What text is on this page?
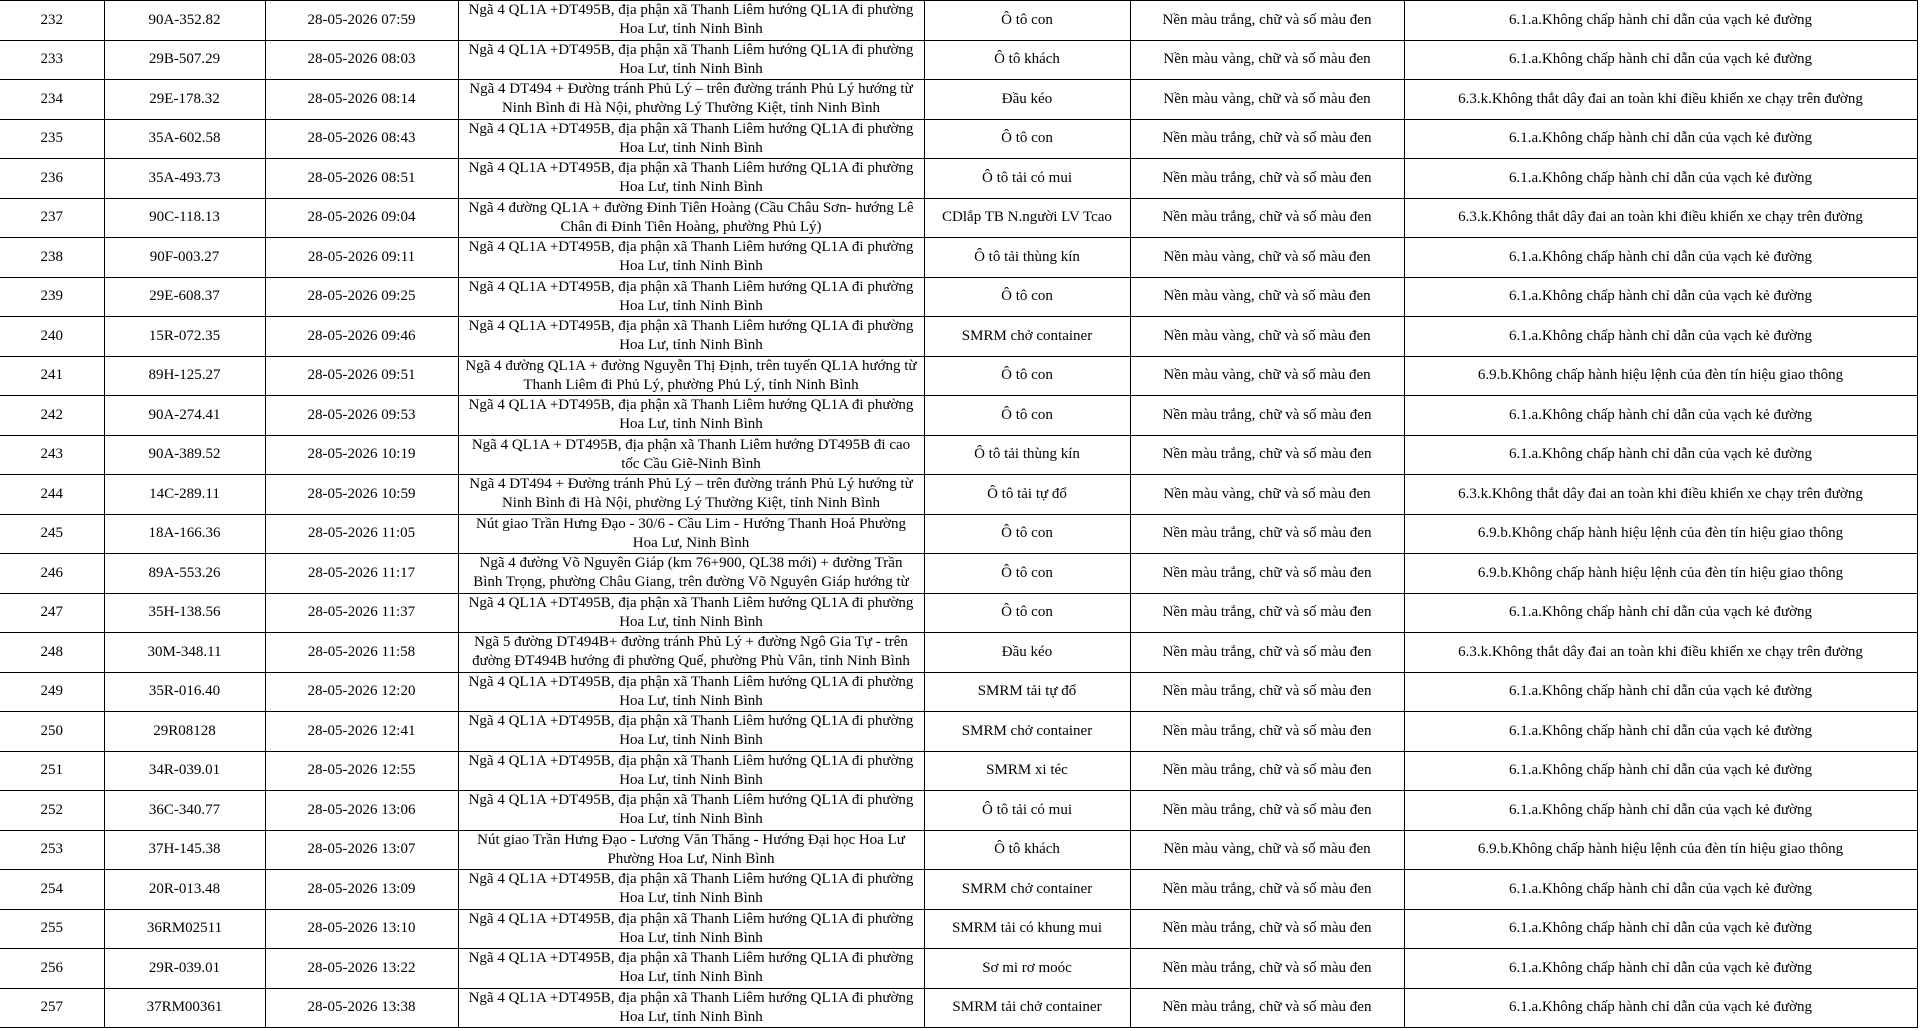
232	90A-352.82	28-05-2026 07:59	Ngã 4 QL1A +DT495B, địa phận xã Thanh Liêm hướng QL1A đi phường Hoa Lư, tỉnh Ninh Bình	Ô tô con	Nền màu trắng, chữ và số màu đen	6.1.a.Không chấp hành chỉ dẫn của vạch kẻ đường
233	29B-507.29	28-05-2026 08:03	Ngã 4 QL1A +DT495B, địa phận xã Thanh Liêm hướng QL1A đi phường Hoa Lư, tỉnh Ninh Bình	Ô tô khách	Nền màu vàng, chữ và số màu đen	6.1.a.Không chấp hành chỉ dẫn của vạch kẻ đường
234	29E-178.32	28-05-2026 08:14	Ngã 4 DT494 + Đường tránh Phủ Lý – trên đường tránh Phủ Lý hướng từ Ninh Bình đi Hà Nội, phường Lý Thường Kiệt, tỉnh Ninh Bình	Đầu kéo	Nền màu vàng, chữ và số màu đen	6.3.k.Không thắt dây đai an toàn khi điều khiển xe chạy trên đường
235	35A-602.58	28-05-2026 08:43	Ngã 4 QL1A +DT495B, địa phận xã Thanh Liêm hướng QL1A đi phường Hoa Lư, tỉnh Ninh Bình	Ô tô con	Nền màu trắng, chữ và số màu đen	6.1.a.Không chấp hành chỉ dẫn của vạch kẻ đường
236	35A-493.73	28-05-2026 08:51	Ngã 4 QL1A +DT495B, địa phận xã Thanh Liêm hướng QL1A đi phường Hoa Lư, tỉnh Ninh Bình	Ô tô tải có mui	Nền màu trắng, chữ và số màu đen	6.1.a.Không chấp hành chỉ dẫn của vạch kẻ đường
237	90C-118.13	28-05-2026 09:04	Ngã 4 đường QL1A + đường Đinh Tiên Hoàng (Cầu Châu Sơn- hướng Lê Chân đi Đinh Tiên Hoàng, phường Phủ Lý)	CDlắp TB N.người LV Tcao	Nền màu trắng, chữ và số màu đen	6.3.k.Không thắt dây đai an toàn khi điều khiển xe chạy trên đường
238	90F-003.27	28-05-2026 09:11	Ngã 4 QL1A +DT495B, địa phận xã Thanh Liêm hướng QL1A đi phường Hoa Lư, tỉnh Ninh Bình	Ô tô tải thùng kín	Nền màu vàng, chữ và số màu đen	6.1.a.Không chấp hành chỉ dẫn của vạch kẻ đường
239	29E-608.37	28-05-2026 09:25	Ngã 4 QL1A +DT495B, địa phận xã Thanh Liêm hướng QL1A đi phường Hoa Lư, tỉnh Ninh Bình	Ô tô con	Nền màu vàng, chữ và số màu đen	6.1.a.Không chấp hành chỉ dẫn của vạch kẻ đường
240	15R-072.35	28-05-2026 09:46	Ngã 4 QL1A +DT495B, địa phận xã Thanh Liêm hướng QL1A đi phường Hoa Lư, tỉnh Ninh Bình	SMRM chở container	Nền màu vàng, chữ và số màu đen	6.1.a.Không chấp hành chỉ dẫn của vạch kẻ đường
241	89H-125.27	28-05-2026 09:51	Ngã 4 đường QL1A + đường Nguyễn Thị Định, trên tuyến QL1A hướng từ Thanh Liêm đi Phủ Lý, phường Phủ Lý, tỉnh Ninh Bình	Ô tô con	Nền màu vàng, chữ và số màu đen	6.9.b.Không chấp hành hiệu lệnh của đèn tín hiệu giao thông
242	90A-274.41	28-05-2026 09:53	Ngã 4 QL1A +DT495B, địa phận xã Thanh Liêm hướng QL1A đi phường Hoa Lư, tỉnh Ninh Bình	Ô tô con	Nền màu trắng, chữ và số màu đen	6.1.a.Không chấp hành chỉ dẫn của vạch kẻ đường
243	90A-389.52	28-05-2026 10:19	Ngã 4 QL1A + DT495B, địa phận xã Thanh Liêm hướng DT495B đi cao tốc Cầu Giẽ-Ninh Bình	Ô tô tải thùng kín	Nền màu trắng, chữ và số màu đen	6.1.a.Không chấp hành chỉ dẫn của vạch kẻ đường
244	14C-289.11	28-05-2026 10:59	Ngã 4 DT494 + Đường tránh Phủ Lý – trên đường tránh Phủ Lý hướng từ Ninh Bình đi Hà Nội, phường Lý Thường Kiệt, tỉnh Ninh Bình	Ô tô tải tự đổ	Nền màu vàng, chữ và số màu đen	6.3.k.Không thắt dây đai an toàn khi điều khiển xe chạy trên đường
245	18A-166.36	28-05-2026 11:05	Nút giao Trần Hưng Đạo - 30/6 - Cầu Lim - Hướng Thanh Hoá Phường Hoa Lư, Ninh Bình	Ô tô con	Nền màu trắng, chữ và số màu đen	6.9.b.Không chấp hành hiệu lệnh của đèn tín hiệu giao thông
246	89A-553.26	28-05-2026 11:17	Ngã 4 đường Võ Nguyên Giáp (km 76+900, QL38 mới) + đường Trần Bình Trọng, phường Châu Giang, trên đường Võ Nguyên Giáp hướng từ	Ô tô con	Nền màu trắng, chữ và số màu đen	6.9.b.Không chấp hành hiệu lệnh của đèn tín hiệu giao thông
247	35H-138.56	28-05-2026 11:37	Ngã 4 QL1A +DT495B, địa phận xã Thanh Liêm hướng QL1A đi phường Hoa Lư, tỉnh Ninh Bình	Ô tô con	Nền màu trắng, chữ và số màu đen	6.1.a.Không chấp hành chỉ dẫn của vạch kẻ đường
248	30M-348.11	28-05-2026 11:58	Ngã 5 đường DT494B+ đường tránh Phủ Lý + đường Ngô Gia Tự - trên đường ĐT494B hướng đi phường Quế, phường Phù Vân, tỉnh Ninh Bình	Đầu kéo	Nền màu trắng, chữ và số màu đen	6.3.k.Không thắt dây đai an toàn khi điều khiển xe chạy trên đường
249	35R-016.40	28-05-2026 12:20	Ngã 4 QL1A +DT495B, địa phận xã Thanh Liêm hướng QL1A đi phường Hoa Lư, tỉnh Ninh Bình	SMRM tải tự đổ	Nền màu trắng, chữ và số màu đen	6.1.a.Không chấp hành chỉ dẫn của vạch kẻ đường
250	29R08128	28-05-2026 12:41	Ngã 4 QL1A +DT495B, địa phận xã Thanh Liêm hướng QL1A đi phường Hoa Lư, tỉnh Ninh Bình	SMRM chở container	Nền màu trắng, chữ và số màu đen	6.1.a.Không chấp hành chỉ dẫn của vạch kẻ đường
251	34R-039.01	28-05-2026 12:55	Ngã 4 QL1A +DT495B, địa phận xã Thanh Liêm hướng QL1A đi phường Hoa Lư, tỉnh Ninh Bình	SMRM xi téc	Nền màu trắng, chữ và số màu đen	6.1.a.Không chấp hành chỉ dẫn của vạch kẻ đường
252	36C-340.77	28-05-2026 13:06	Ngã 4 QL1A +DT495B, địa phận xã Thanh Liêm hướng QL1A đi phường Hoa Lư, tỉnh Ninh Bình	Ô tô tải có mui	Nền màu trắng, chữ và số màu đen	6.1.a.Không chấp hành chỉ dẫn của vạch kẻ đường
253	37H-145.38	28-05-2026 13:07	Nút giao Trần Hưng Đạo - Lương Văn Thăng - Hướng Đại học Hoa Lư Phường Hoa Lư, Ninh Bình	Ô tô khách	Nền màu vàng, chữ và số màu đen	6.9.b.Không chấp hành hiệu lệnh của đèn tín hiệu giao thông
254	20R-013.48	28-05-2026 13:09	Ngã 4 QL1A +DT495B, địa phận xã Thanh Liêm hướng QL1A đi phường Hoa Lư, tỉnh Ninh Bình	SMRM chở container	Nền màu trắng, chữ và số màu đen	6.1.a.Không chấp hành chỉ dẫn của vạch kẻ đường
255	36RM02511	28-05-2026 13:10	Ngã 4 QL1A +DT495B, địa phận xã Thanh Liêm hướng QL1A đi phường Hoa Lư, tỉnh Ninh Bình	SMRM tải có khung mui	Nền màu trắng, chữ và số màu đen	6.1.a.Không chấp hành chỉ dẫn của vạch kẻ đường
256	29R-039.01	28-05-2026 13:22	Ngã 4 QL1A +DT495B, địa phận xã Thanh Liêm hướng QL1A đi phường Hoa Lư, tỉnh Ninh Bình	Sơ mi rơ moóc	Nền màu trắng, chữ và số màu đen	6.1.a.Không chấp hành chỉ dẫn của vạch kẻ đường
257	37RM00361	28-05-2026 13:38	Ngã 4 QL1A +DT495B, địa phận xã Thanh Liêm hướng QL1A đi phường Hoa Lư, tỉnh Ninh Bình	SMRM tải chở container	Nền màu trắng, chữ và số màu đen	6.1.a.Không chấp hành chỉ dẫn của vạch kẻ đường
